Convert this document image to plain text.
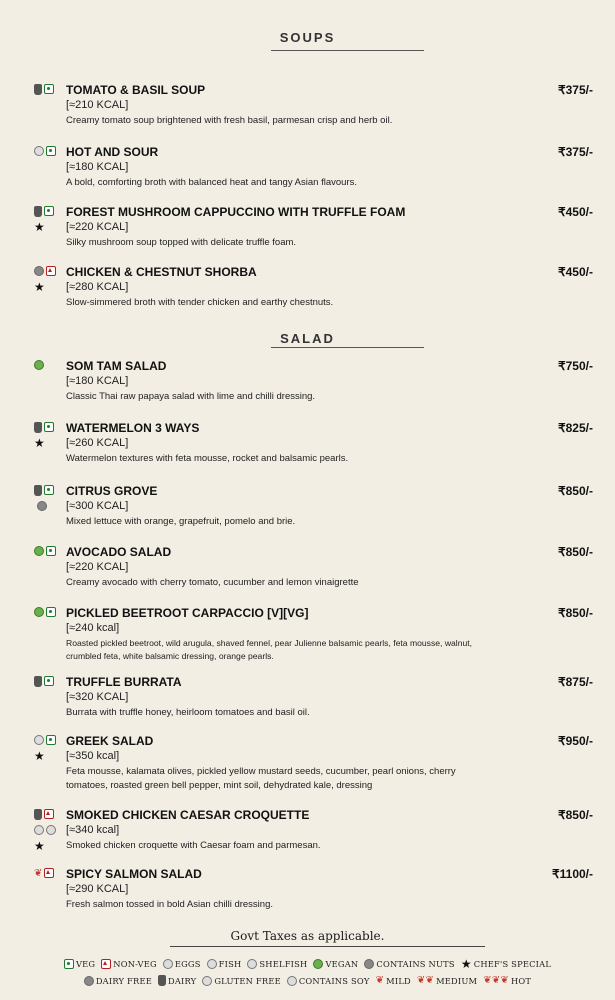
SOUPS
TOMATO & BASIL SOUP
[≈210 KCAL]
Creamy tomato soup brightened with fresh basil, parmesan crisp and herb oil.
₹375/-
HOT AND SOUR
[≈180 KCAL]
A bold, comforting broth with balanced heat and tangy Asian flavours.
₹375/-
★
FOREST MUSHROOM CAPPUCCINO WITH TRUFFLE FOAM
[≈220 KCAL]
Silky mushroom soup topped with delicate truffle foam.
₹450/-
★
CHICKEN & CHESTNUT SHORBA
[≈280 KCAL]
Slow-simmered broth with tender chicken and earthy chestnuts.
₹450/-
SALAD
SOM TAM SALAD
[≈180 KCAL]
Classic Thai raw papaya salad with lime and chilli dressing.
₹750/-
★
WATERMELON 3 WAYS
[≈260 KCAL]
Watermelon textures with feta mousse, rocket and balsamic pearls.
₹825/-
CITRUS GROVE
[≈300 KCAL]
Mixed lettuce with orange, grapefruit, pomelo and brie.
₹850/-
AVOCADO SALAD
[≈220 KCAL]
Creamy avocado with cherry tomato, cucumber and lemon vinaigrette
₹850/-
PICKLED BEETROOT CARPACCIO [V][VG]
[≈240 kcal]
Roasted pickled beetroot, wild arugula, shaved fennel, pear Julienne balsamic pearls, feta mousse, walnut, crumbled feta, white balsamic dressing, orange pearls.
₹850/-
TRUFFLE BURRATA
[≈320 KCAL]
Burrata with truffle honey, heirloom tomatoes and basil oil.
₹875/-
★
GREEK SALAD
[≈350 kcal]
Feta mousse, kalamata olives, pickled yellow mustard seeds, cucumber, pearl onions, cherry tomatoes, roasted green bell pepper, mint soil, dehydrated kale, dressing
₹950/-
★
SMOKED CHICKEN CAESAR CROQUETTE
[≈340 kcal]
Smoked chicken croquette with Caesar foam and parmesan.
₹850/-
❦ SPICY SALMON SALAD
[≈290 KCAL]
Fresh salmon tossed in bold Asian chilli dressing.
₹1100/-
Govt Taxes as applicable.
VEG NON-VEG EGGS FISH SHELFISH VEGAN CONTAINS NUTS ★ CHEF'S SPECIAL
DAIRY FREE DAIRY GLUTEN FREE CONTAINS SOY ❦ MILD ❦❦ MEDIUM ❦❦❦ HOT
